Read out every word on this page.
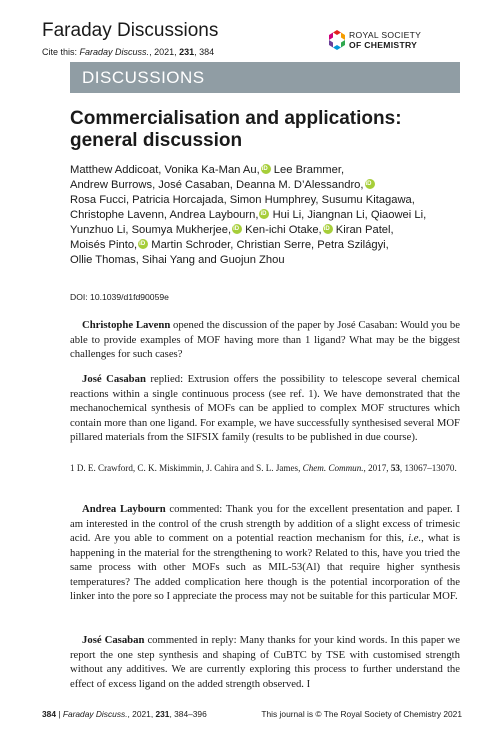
Faraday Discussions
Cite this: Faraday Discuss., 2021, 231, 384
ROYAL SOCIETY
OF CHEMISTRY
DISCUSSIONS
Commercialisation and applications: general discussion
Matthew Addicoat, Vonika Ka-Man Au,iD Lee Brammer,
Andrew Burrows, José Casaban, Deanna M. D’Alessandro,iD
Rosa Fucci, Patricia Horcajada, Simon Humphrey, Susumu Kitagawa,
Christophe Lavenn, Andrea Laybourn,iD Hui Li, Jiangnan Li, Qiaowei Li,
Yunzhuo Li, Soumya Mukherjee,iD Ken-ichi Otake,iD Kiran Patel,
Moisés Pinto,iD Martin Schroder, Christian Serre, Petra Szilágyi,
Ollie Thomas, Sihai Yang and Guojun Zhou
DOI: 10.1039/d1fd90059e

Christophe Lavenn opened the discussion of the paper by José Casaban: Would you be able to provide examples of MOF having more than 1 ligand? What may be the biggest challenges for such cases?

José Casaban replied: Extrusion offers the possibility to telescope several chemical reactions within a single continuous process (see ref. 1). We have demonstrated that the mechanochemical synthesis of MOFs can be applied to complex MOF structures which contain more than one ligand. For example, we have successfully synthesised several MOF pillared materials from the SIFSIX family (results to be published in due course).

1 D. E. Crawford, C. K. Miskimmin, J. Cahira and S. L. James, Chem. Commun., 2017, 53, 13067–13070.

Andrea Laybourn commented: Thank you for the excellent presentation and paper. I am interested in the control of the crush strength by addition of a slight excess of trimesic acid. Are you able to comment on a potential reaction mechanism for this, i.e., what is happening in the material for the strengthening to work? Related to this, have you tried the same process with other MOFs such as MIL-53(Al) that require higher synthesis temperatures? The added complication here though is the potential incorporation of the linker into the pore so I appreciate the process may not be suitable for this particular MOF.

José Casaban commented in reply: Many thanks for your kind words. In this paper we report the one step synthesis and shaping of CuBTC by TSE with customised strength without any additives. We are currently exploring this process to further understand the effect of excess ligand on the added strength observed. I

384 | Faraday Discuss., 2021, 231, 384–396	This journal is © The Royal Society of Chemistry 2021
